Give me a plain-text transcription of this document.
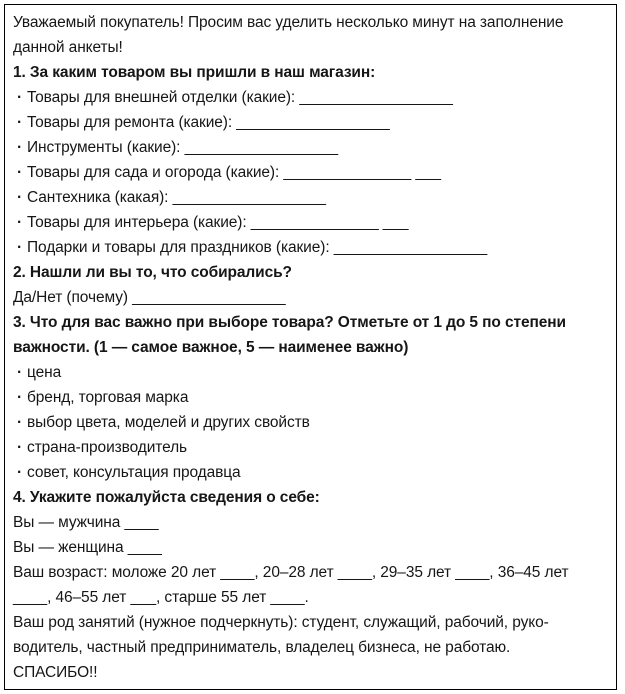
Уважаемый покупатель! Просим вас уделить несколько минут на заполнение
данной анкеты!
1. За каким товаром вы пришли в наш магазин:
· Товары для внешней отделки (какие): __________________
· Товары для ремонта (какие): __________________
· Инструменты (какие): __________________
· Товары для сада и огорода (какие): _______________ ___
· Сантехника (какая): __________________
· Товары для интерьера (какие): _______________ ___
· Подарки и товары для праздников (какие): __________________
2. Нашли ли вы то, что собирались?
Да/Нет (почему) __________________
3. Что для вас важно при выборе товара? Отметьте от 1 до 5 по степени
важности. (1 — самое важное, 5 — наименее важно)
· цена
· бренд, торговая марка
· выбор цвета, моделей и других свойств
· страна-производитель
· совет, консультация продавца
4. Укажите пожалуйста сведения о себе:
Вы — мужчина ____
Вы — женщина ____
Ваш возраст: моложе 20 лет ____, 20–28 лет ____, 29–35 лет ____, 36–45 лет
____, 46–55 лет ___, старше 55 лет ____.
Ваш род занятий (нужное подчеркнуть): студент, служащий, рабочий, руко-
водитель, частный предприниматель, владелец бизнеса, не работаю.
СПАСИБО!!
